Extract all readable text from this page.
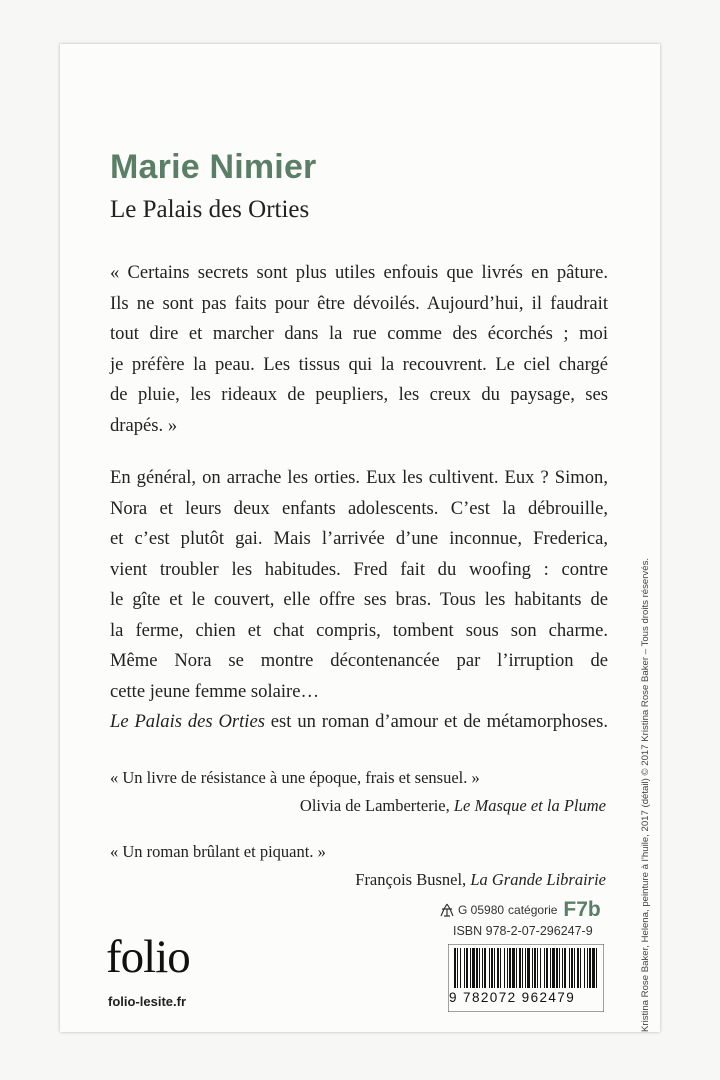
Marie Nimier
Le Palais des Orties

« Certains secrets sont plus utiles enfouis que livrés en pâture.
Ils ne sont pas faits pour être dévoilés. Aujourd’hui, il faudrait
tout dire et marcher dans la rue comme des écorchés ; moi
je préfère la peau. Les tissus qui la recouvrent. Le ciel chargé
de pluie, les rideaux de peupliers, les creux du paysage, ses
drapés. »

En général, on arrache les orties. Eux les cultivent. Eux ? Simon,
Nora et leurs deux enfants adolescents. C’est la débrouille,
et c’est plutôt gai. Mais l’arrivée d’une inconnue, Frederica,
vient troubler les habitudes. Fred fait du woofing : contre
le gîte et le couvert, elle offre ses bras. Tous les habitants de
la ferme, chien et chat compris, tombent sous son charme.
Même Nora se montre décontenancée par l’irruption de
cette jeune femme solaire…
Le Palais des Orties est un roman d’amour et de métamorphoses.

« Un livre de résistance à une époque, frais et sensuel. »
Olivia de Lamberterie, Le Masque et la Plume
« Un roman brûlant et piquant. »
François Busnel, La Grande Librairie
G 05980 catégorie F7b
ISBN 978-2-07-296247-9
9 782072 962479
folio
folio-lesite.fr	Kristina Rose Baker, Helena, peinture à l’huile, 2017 (détail) © 2017 Kristina Rose Baker – Tous droits réservés.
